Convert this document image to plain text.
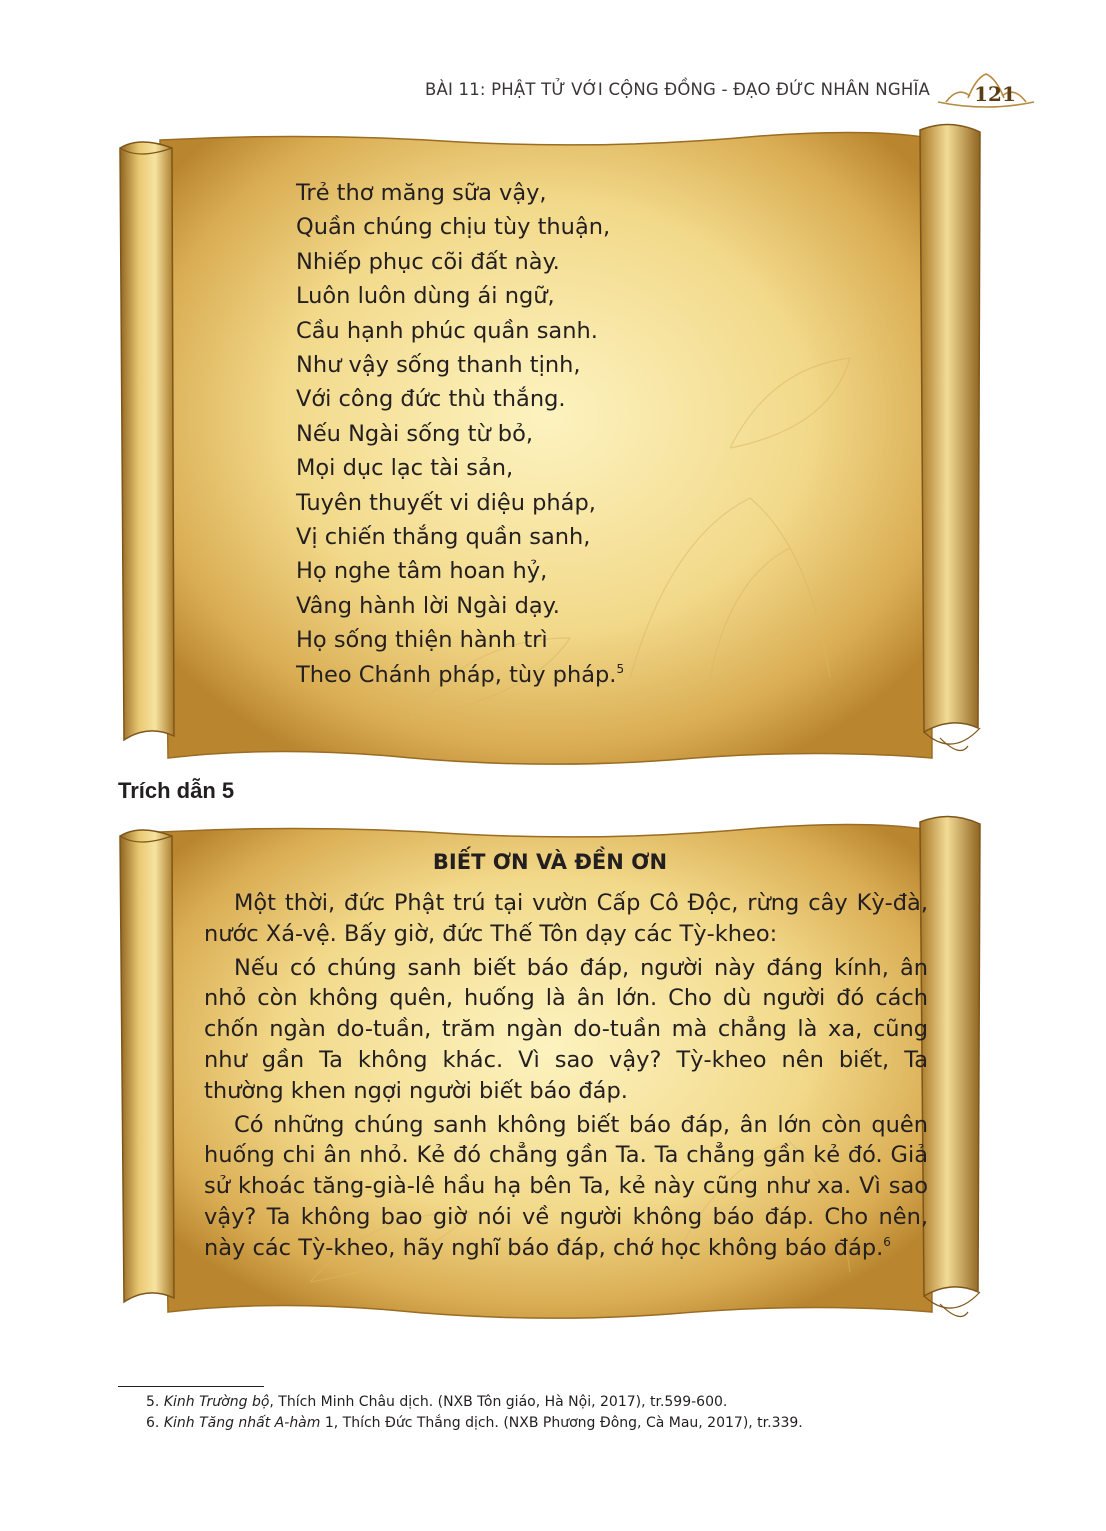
BÀI 11: PHẬT TỬ VỚI CỘNG ĐỒNG - ĐẠO ĐỨC NHÂN NGHĨA	121
Trẻ thơ măng sữa vậy,
Quần chúng chịu tùy thuận,
Nhiếp phục cõi đất này.
Luôn luôn dùng ái ngữ,
Cầu hạnh phúc quần sanh.
Như vậy sống thanh tịnh,
Với công đức thù thắng.
Nếu Ngài sống từ bỏ,
Mọi dục lạc tài sản,
Tuyên thuyết vi diệu pháp,
Vị chiến thắng quần sanh,
Họ nghe tâm hoan hỷ,
Vâng hành lời Ngài dạy.
Họ sống thiện hành trì
Theo Chánh pháp, tùy pháp.$^5$
Trích dẫn 5
BIẾT ƠN VÀ ĐỀN ƠN

Một thời, đức Phật trú tại vườn Cấp Cô Độc, rừng cây Kỳ-đà, nước Xá-vệ. Bấy giờ, đức Thế Tôn dạy các Tỳ-kheo:

Nếu có chúng sanh biết báo đáp, người này đáng kính, ân nhỏ còn không quên, huống là ân lớn. Cho dù người đó cách chốn ngàn do-tuần, trăm ngàn do-tuần mà chẳng là xa, cũng như gần Ta không khác. Vì sao vậy? Tỳ-kheo nên biết, Ta thường khen ngợi người biết báo đáp.

Có những chúng sanh không biết báo đáp, ân lớn còn quên huống chi ân nhỏ. Kẻ đó chẳng gần Ta. Ta chẳng gần kẻ đó. Giả sử khoác tăng-già-lê hầu hạ bên Ta, kẻ này cũng như xa. Vì sao vậy? Ta không bao giờ nói về người không báo đáp. Cho nên, này các Tỳ-kheo, hãy nghĩ báo đáp, chớ học không báo đáp.$^6$

5. Kinh Trường bộ, Thích Minh Châu dịch. (NXB Tôn giáo, Hà Nội, 2017), tr.599-600.
6. Kinh Tăng nhất A-hàm 1, Thích Đức Thắng dịch. (NXB Phương Đông, Cà Mau, 2017), tr.339.
